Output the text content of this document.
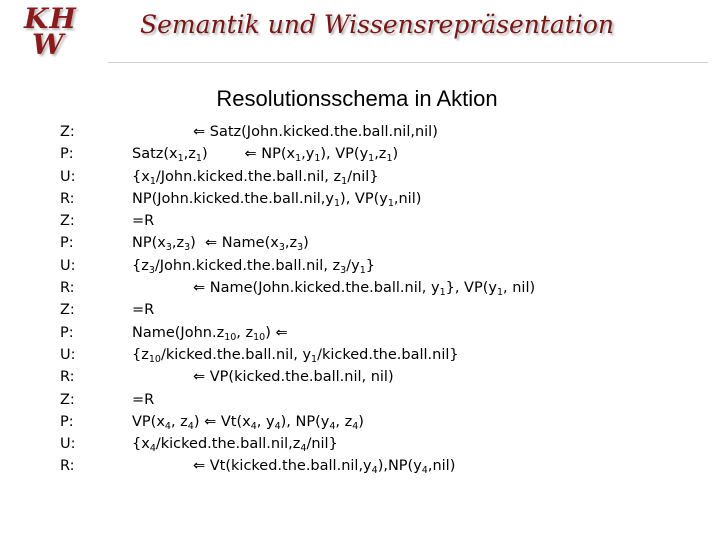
KH
W
Semantik und Wissensrepräsentation
Resolutionsschema in Aktion
Z:	⇐ Satz(John.kicked.the.ball.nil,nil)
P:	$Satz(x_1,z_1)$        ⇐ $NP(x_1,y_1)$, $VP(y_1,z_1)$
U:	{$x_1/John.kicked.the.ball.nil$, $z_1/nil$}
R:	$NP(John.kicked.the.ball.nil,y_1)$, $VP(y_1,nil)$
Z:	=R
P:	$NP(x_3,z_3)$  ⇐ $Name(x_3,z_3)$
U:	{$z_3/John.kicked.the.ball.nil$, $z_3/y_1$}
R:	⇐ Name(John.kicked.the.ball.nil, $y_1$}, $VP(y_1$, nil)
Z:	=R
P:	$Name(John.z_{10}$, $z_{10}$) ⇐
U:	{$z_{10}/kicked.the.ball.nil$, $y_1/kicked.the.ball.nil$}
R:	⇐ VP(kicked.the.ball.nil, nil)
Z:	=R
P:	$VP(x_4$, $z_4$) ⇐ $Vt(x_4$, $y_4$), $NP(y_4$, $z_4$)
U:	$\{x_4/kicked.the.ball.nil,z_4/nil\}$
R:	⇐ $Vt(kicked.the.ball.nil,y_4),NP(y_4,nil)$
